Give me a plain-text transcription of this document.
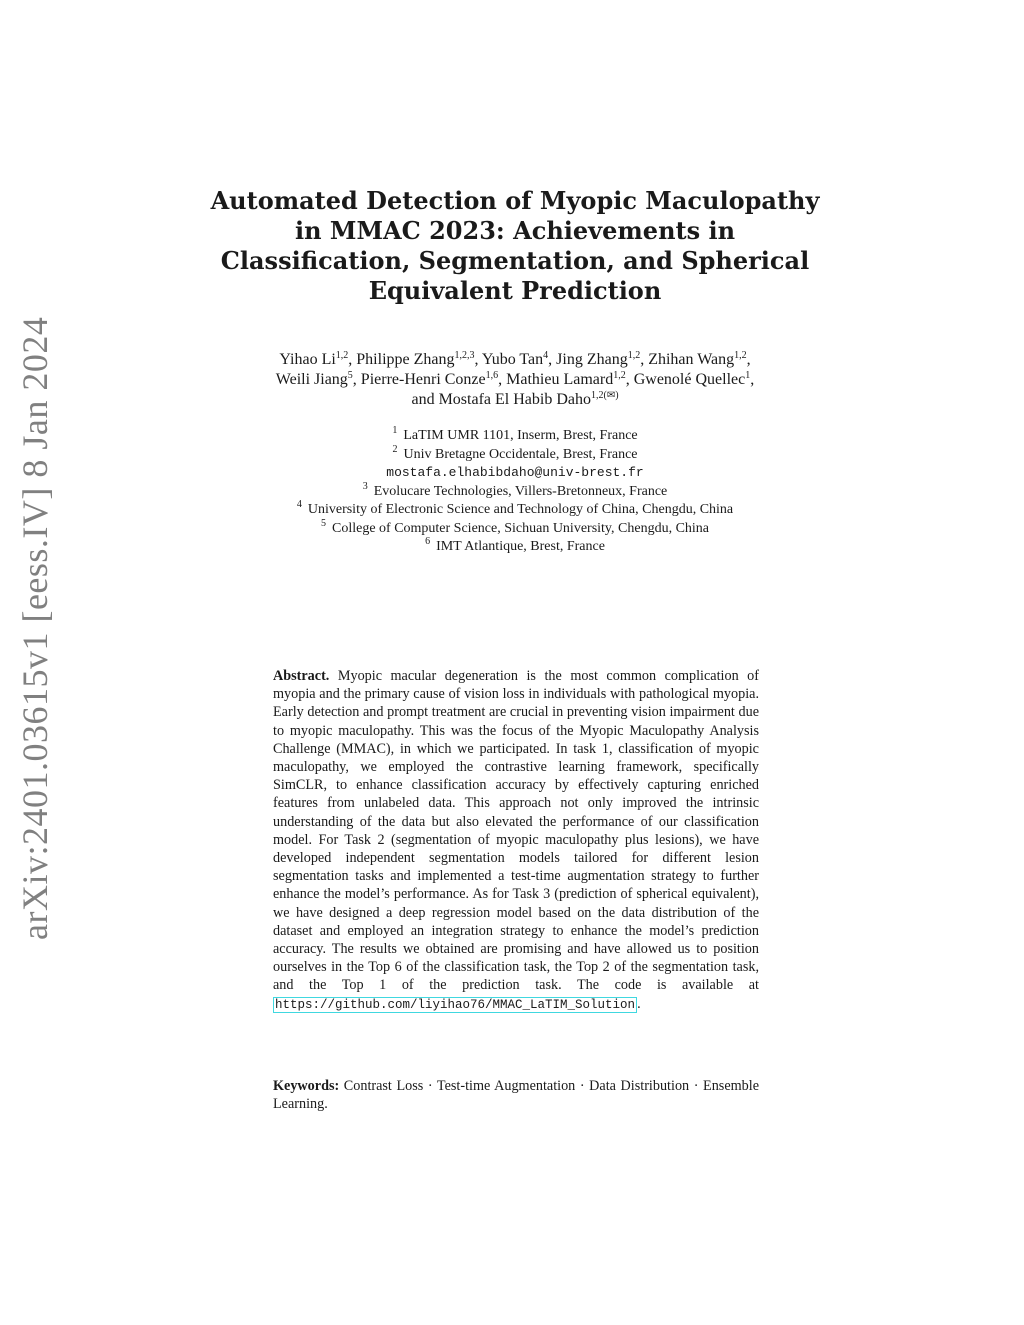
arXiv:2401.03615v1 [eess.IV] 8 Jan 2024
Automated Detection of Myopic Maculopathy in MMAC 2023: Achievements in Classification, Segmentation, and Spherical Equivalent Prediction
Yihao Li$^{1,2}$, Philippe Zhang$^{1,2,3}$, Yubo Tan$^4$, Jing Zhang$^{1,2}$, Zhihan Wang$^{1,2}$,
Weili Jiang$^5$, Pierre-Henri Conze$^{1,6}$, Mathieu Lamard$^{1,2}$, Gwenolé Quellec$^1$,
and Mostafa El Habib Daho$^{1,2(✉)}$
$^1$ LaTIM UMR 1101, Inserm, Brest, France
$^2$ Univ Bretagne Occidentale, Brest, France
mostafa.elhabibdaho@univ-brest.fr
$^3$ Evolucare Technologies, Villers-Bretonneux, France
$^4$ University of Electronic Science and Technology of China, Chengdu, China
$^5$ College of Computer Science, Sichuan University, Chengdu, China
$^6$ IMT Atlantique, Brest, France

Abstract. Myopic macular degeneration is the most common complication of myopia and the primary cause of vision loss in individuals with pathological myopia. Early detection and prompt treatment are crucial in preventing vision impairment due to myopic maculopathy. This was the focus of the Myopic Maculopathy Analysis Challenge (MMAC), in which we participated. In task 1, classification of myopic maculopathy, we employed the contrastive learning framework, specifically SimCLR, to enhance classification accuracy by effectively capturing enriched features from unlabeled data. This approach not only improved the intrinsic understanding of the data but also elevated the performance of our classification model. For Task 2 (segmentation of myopic maculopathy plus lesions), we have developed independent segmentation models tailored for different lesion segmentation tasks and implemented a test-time augmentation strategy to further enhance the model’s performance. As for Task 3 (prediction of spherical equivalent), we have designed a deep regression model based on the data distribution of the dataset and employed an integration strategy to enhance the model’s prediction accuracy. The results we obtained are promising and have allowed us to position ourselves in the Top 6 of the classification task, the Top 2 of the segmentation task, and the Top 1 of the prediction task. The code is available at https://github.com/liyihao76/MMAC_LaTIM_Solution .

Keywords: Contrast Loss · Test-time Augmentation · Data Distribution · Ensemble Learning.
